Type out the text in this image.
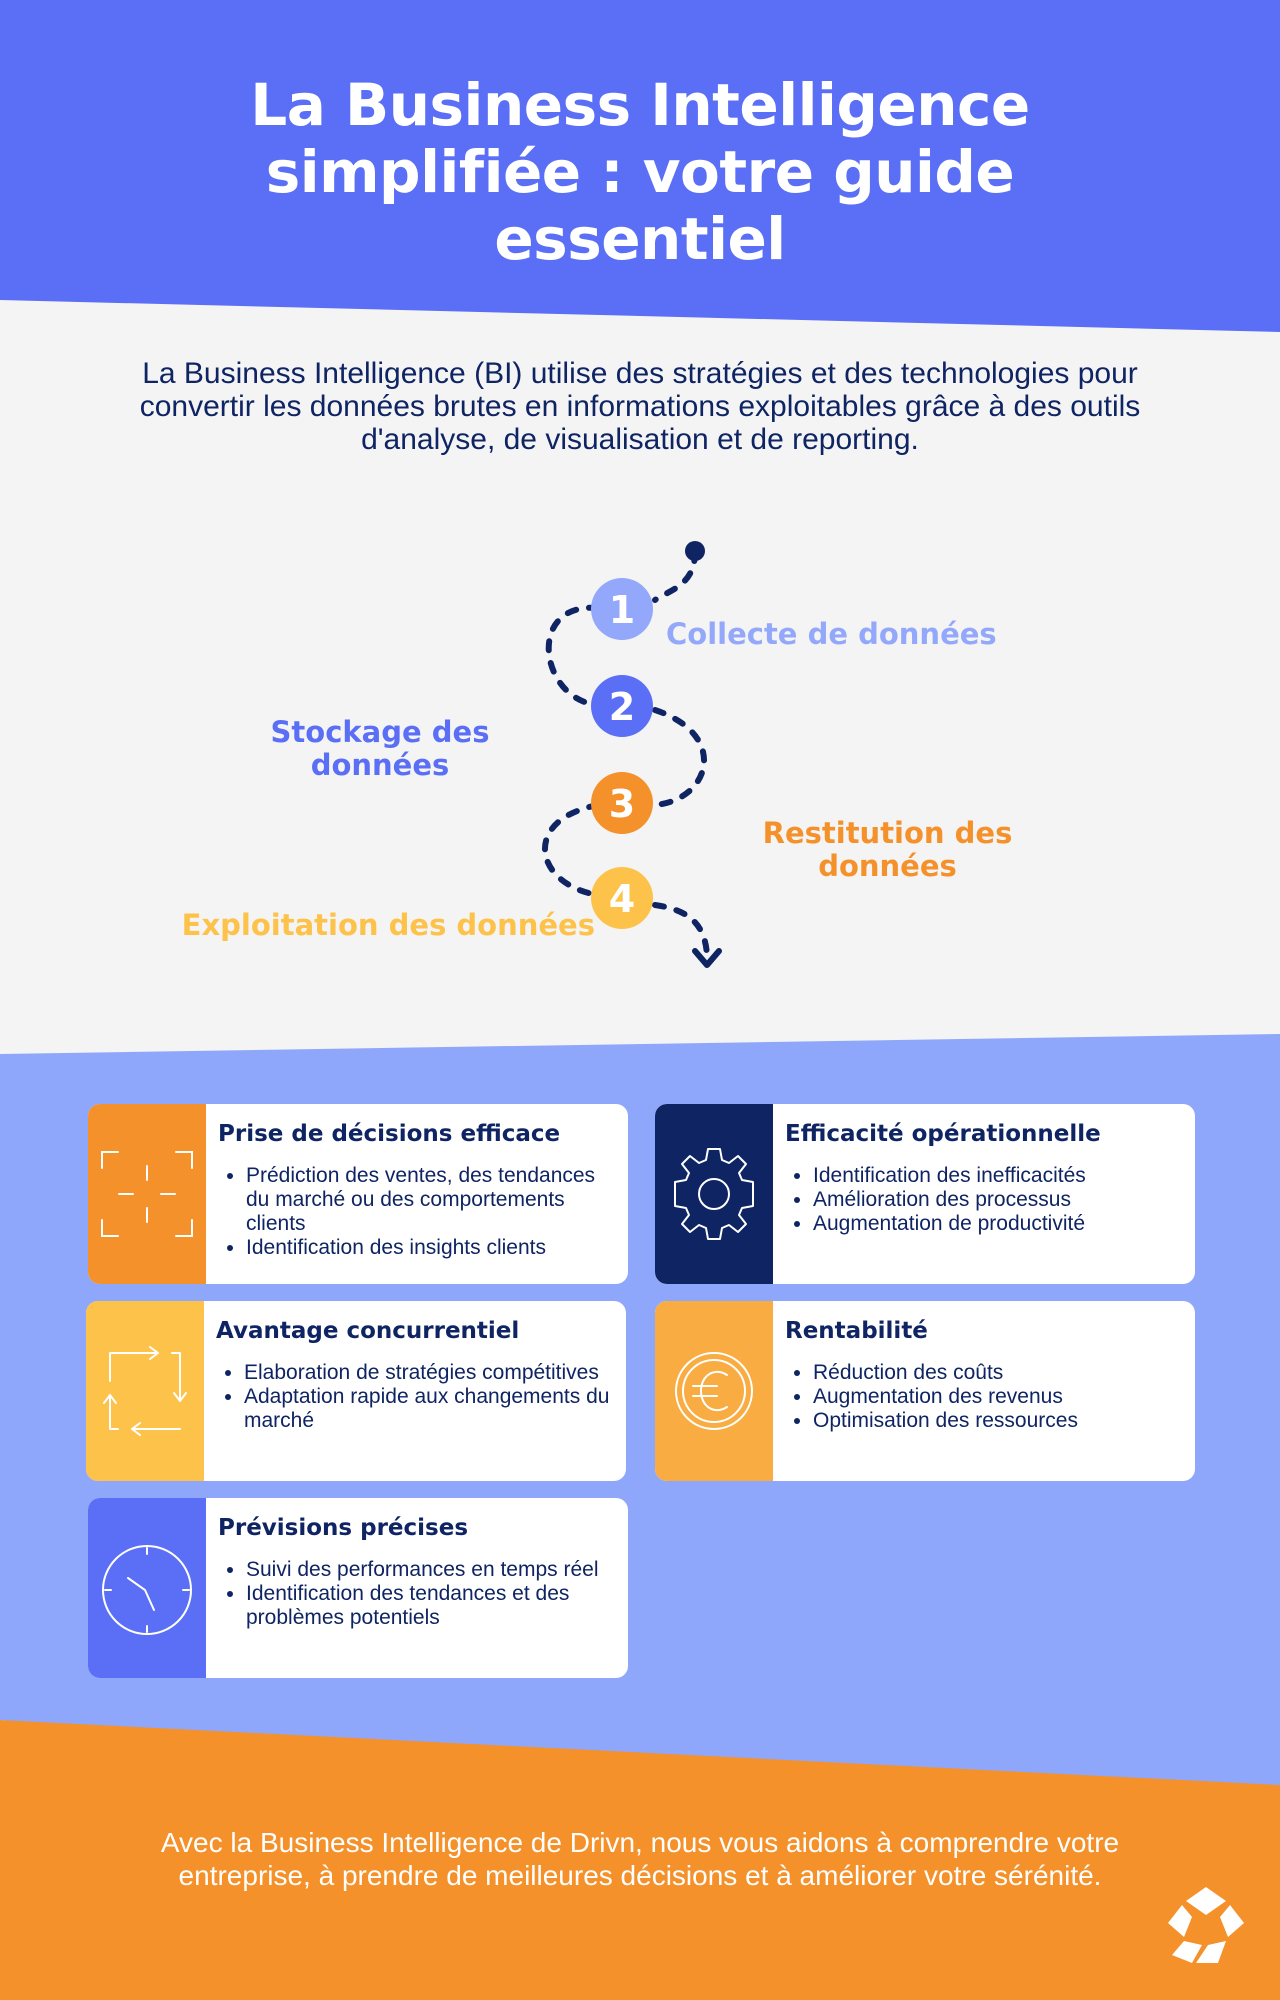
La Business Intelligence simplifiée : votre guide essentiel
La Business Intelligence (BI) utilise des stratégies et des technologies pour convertir les données brutes en informations exploitables grâce à des outils d'analyse, de visualisation et de reporting.
1
2
3
4
Collecte de données
Stockage des données
Restitution des données
Exploitation des données
Prise de décisions efficace
• Prédiction des ventes, des tendances du marché ou des comportements clients
• Identification des insights clients
Efficacité opérationnelle
• Identification des inefficacités
• Amélioration des processus
• Augmentation de productivité
Avantage concurrentiel
• Elaboration de stratégies compétitives
• Adaptation rapide aux changements du marché
Rentabilité
• Réduction des coûts
• Augmentation des revenus
• Optimisation des ressources
Prévisions précises
• Suivi des performances en temps réel
• Identification des tendances et des problèmes potentiels
Avec la Business Intelligence de Drivn, nous vous aidons à comprendre votre entreprise, à prendre de meilleures décisions et à améliorer votre sérénité.
